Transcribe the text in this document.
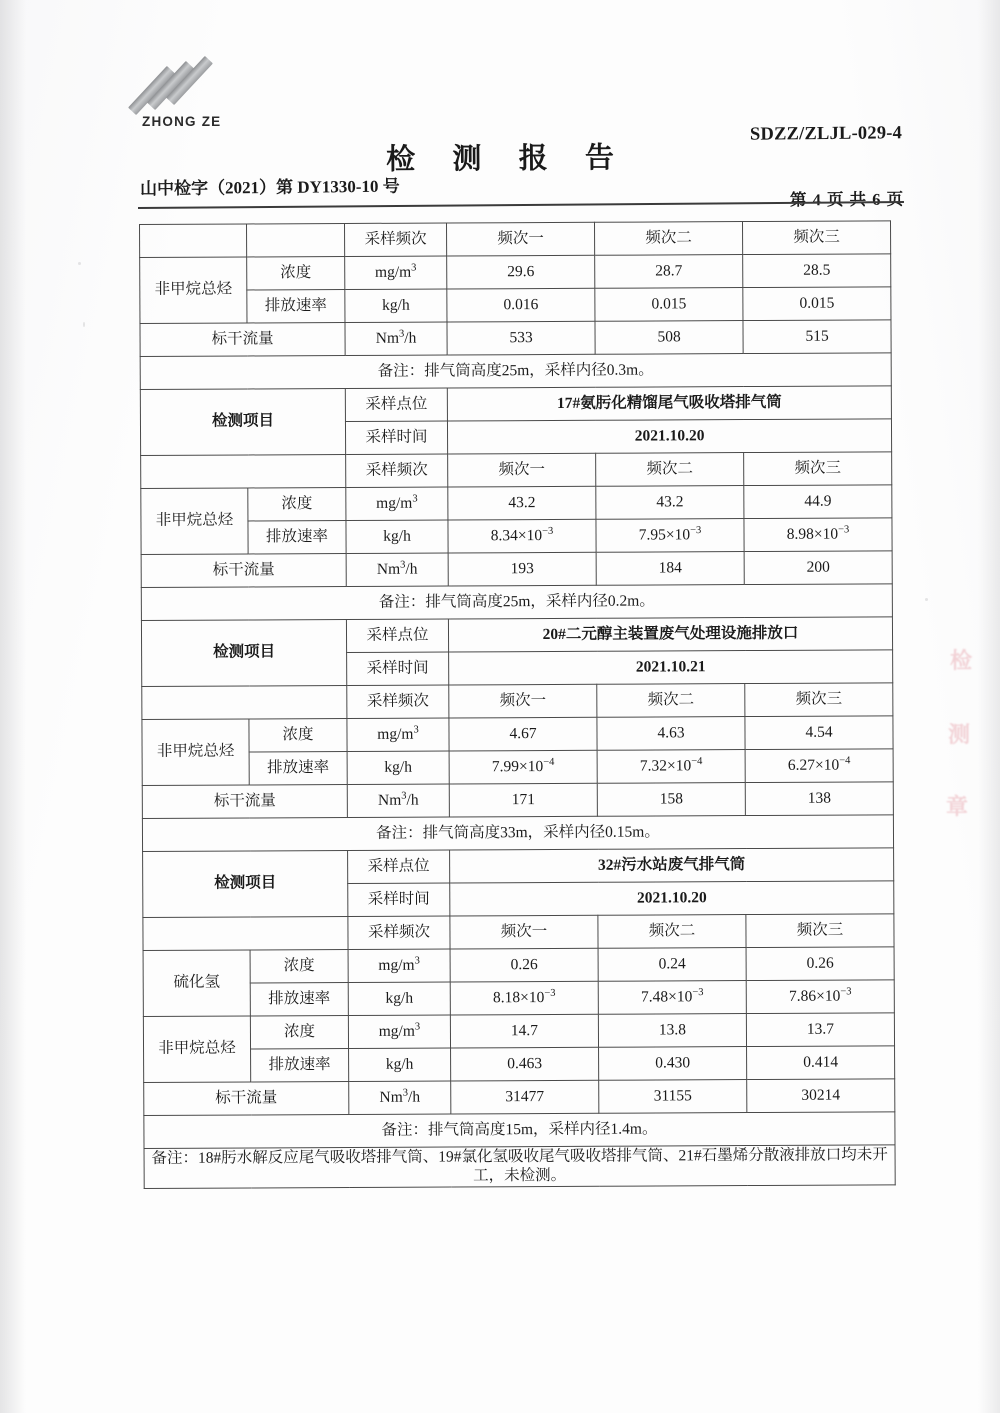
ZHONG ZE
SDZZ/ZLJL-029-4
检 测 报 告
山中检字（2021）第 DY1330-10 号
第 4 页 共 6 页
		采样频次	频次一	频次二	频次三
非甲烷总烃	浓度	$mg/m^3$	29.6	28.7	28.5
	排放速率	kg/h	0.016	0.015	0.015
标干流量		Nm$^3$/h	533	508	515
备注：排气筒高度25m，采样内径0.3m。					
检测项目		采样点位	17#氨肟化精馏尾气吸收塔排气筒		
		采样时间	2021.10.20		
		采样频次	频次一	频次二	频次三
非甲烷总烃	浓度	$mg/m^3$	43.2	43.2	44.9
	排放速率	kg/h	$8.34\times 10^{-3}$	$7.95\times 10^{-3}$	$8.98\times 10^{-3}$
标干流量		Nm$^3$/h	193	184	200
备注：排气筒高度25m，采样内径0.2m。					
检测项目		采样点位	20#二元醇主装置废气处理设施排放口		
		采样时间	2021.10.21		
		采样频次	频次一	频次二	频次三
非甲烷总烃	浓度	$mg/m^3$	4.67	4.63	4.54
	排放速率	kg/h	$7.99\times 10^{-4}$	$7.32\times 10^{-4}$	$6.27\times 10^{-4}$
标干流量		Nm$^3$/h	171	158	138
备注：排气筒高度33m，采样内径0.15m。					
检测项目		采样点位	32#污水站废气排气筒		
		采样时间	2021.10.20		
		采样频次	频次一	频次二	频次三
硫化氢	浓度	$mg/m^3$	0.26	0.24	0.26
	排放速率	kg/h	$8.18\times 10^{-3}$	$7.48\times 10^{-3}$	$7.86\times 10^{-3}$
非甲烷总烃	浓度	$mg/m^3$	14.7	13.8	13.7
	排放速率	kg/h	0.463	0.430	0.414
标干流量		Nm$^3$/h	31477	31155	30214
备注：排气筒高度15m，采样内径1.4m。					
备注：18#肟水解反应尾气吸收塔排气筒、19#氯化氢吸收尾气吸收塔排气筒、21#石墨烯分散液排放口均未开工，未检测。					
检
测
章
